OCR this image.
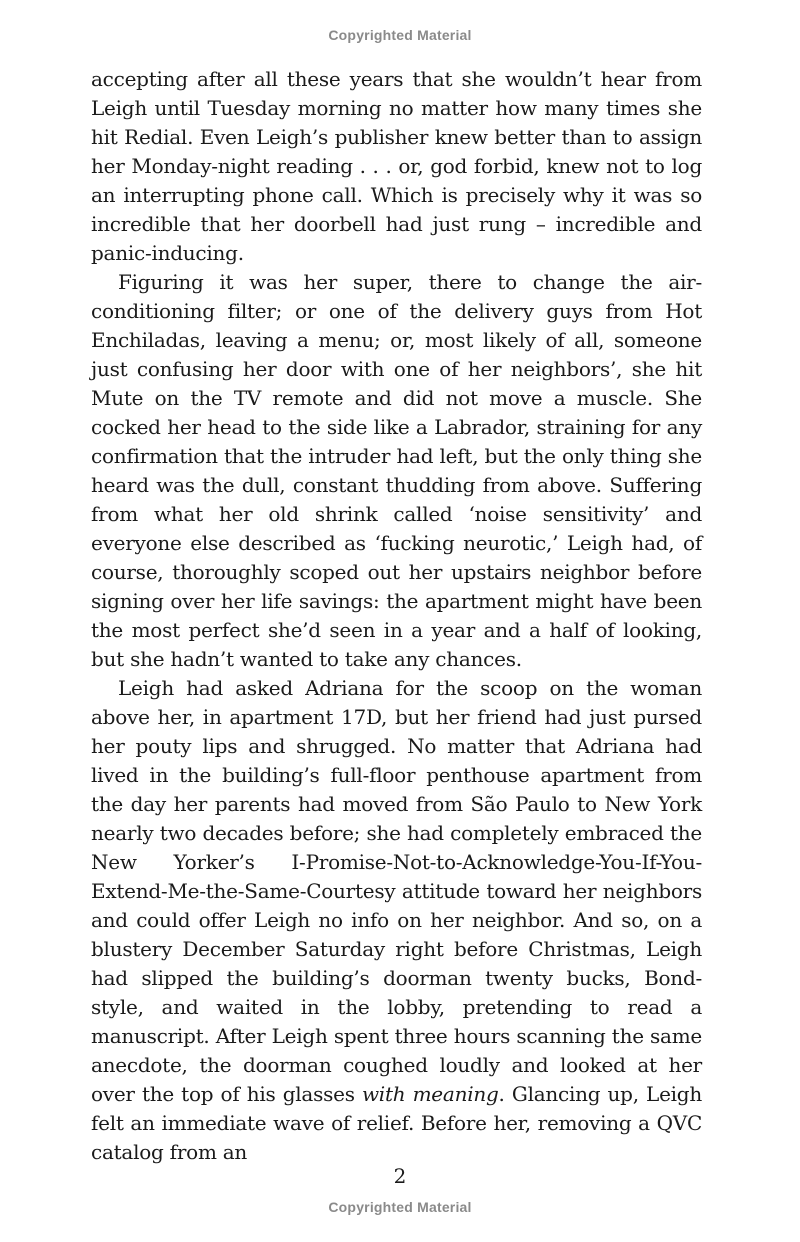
Copyrighted Material

accepting after all these years that she wouldn’t hear from Leigh until Tuesday morning no matter how many times she hit Redial. Even Leigh’s publisher knew better than to assign her Monday-night reading . . . or, god forbid, knew not to log an interrupting phone call. Which is precisely why it was so incredible that her doorbell had just rung – incredible and panic-inducing.

Figuring it was her super, there to change the air-conditioning filter; or one of the delivery guys from Hot Enchiladas, leaving a menu; or, most likely of all, someone just confusing her door with one of her neighbors’, she hit Mute on the TV remote and did not move a muscle. She cocked her head to the side like a Labrador, straining for any confirmation that the intruder had left, but the only thing she heard was the dull, constant thudding from above. Suffering from what her old shrink called ‘noise sensitivity’ and everyone else described as ‘fucking neurotic,’ Leigh had, of course, thoroughly scoped out her upstairs neighbor before signing over her life savings: the apartment might have been the most perfect she’d seen in a year and a half of looking, but she hadn’t wanted to take any chances.

Leigh had asked Adriana for the scoop on the woman above her, in apartment 17D, but her friend had just pursed her pouty lips and shrugged. No matter that Adriana had lived in the building’s full-floor penthouse apartment from the day her parents had moved from São Paulo to New York nearly two decades before; she had completely embraced the New Yorker’s I-Promise-Not-to-Acknowledge-You-If-You-Extend-Me-the-Same-Courtesy attitude toward her neighbors and could offer Leigh no info on her neighbor. And so, on a blustery December Saturday right before Christmas, Leigh had slipped the building’s doorman twenty bucks, Bond-style, and waited in the lobby, pretending to read a manuscript. After Leigh spent three hours scanning the same anecdote, the doorman coughed loudly and looked at her over the top of his glasses with meaning. Glancing up, Leigh felt an immediate wave of relief. Before her, removing a QVC catalog from an

2
Copyrighted Material
